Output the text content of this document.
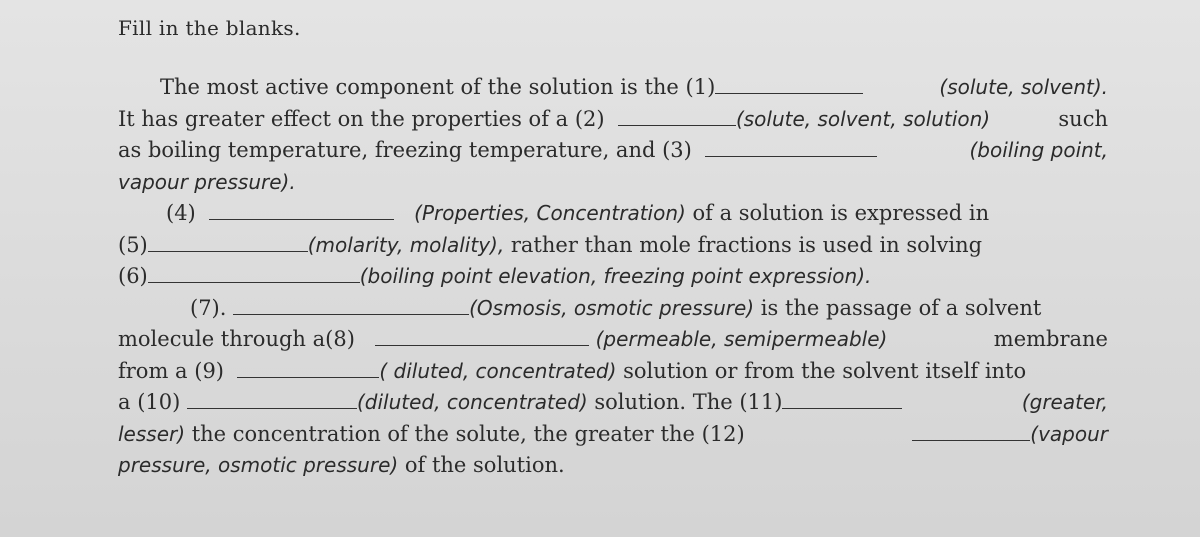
Fill in the blanks.
The most active component of the solution is the (1)	(solute, solvent).
It has greater effect on the properties of a (2)	(solute, solvent, solution)	such
as boiling temperature, freezing temperature, and (3)	(boiling point,
vapour pressure).
(4)	(Properties, Concentration) of a solution is expressed in
(5)	(molarity, molality), rather than mole fractions is used in solving
(6)	(boiling point elevation, freezing point expression).
(7).	(Osmosis, osmotic pressure) is the passage of a solvent
molecule through a(8)	(permeable, semipermeable)	membrane
from a (9)	( diluted, concentrated) solution or from the solvent itself into
a (10)	(diluted, concentrated) solution. The (11)	(greater,
lesser) the concentration of the solute, the greater the (12)	(vapour
pressure, osmotic pressure) of the solution.
